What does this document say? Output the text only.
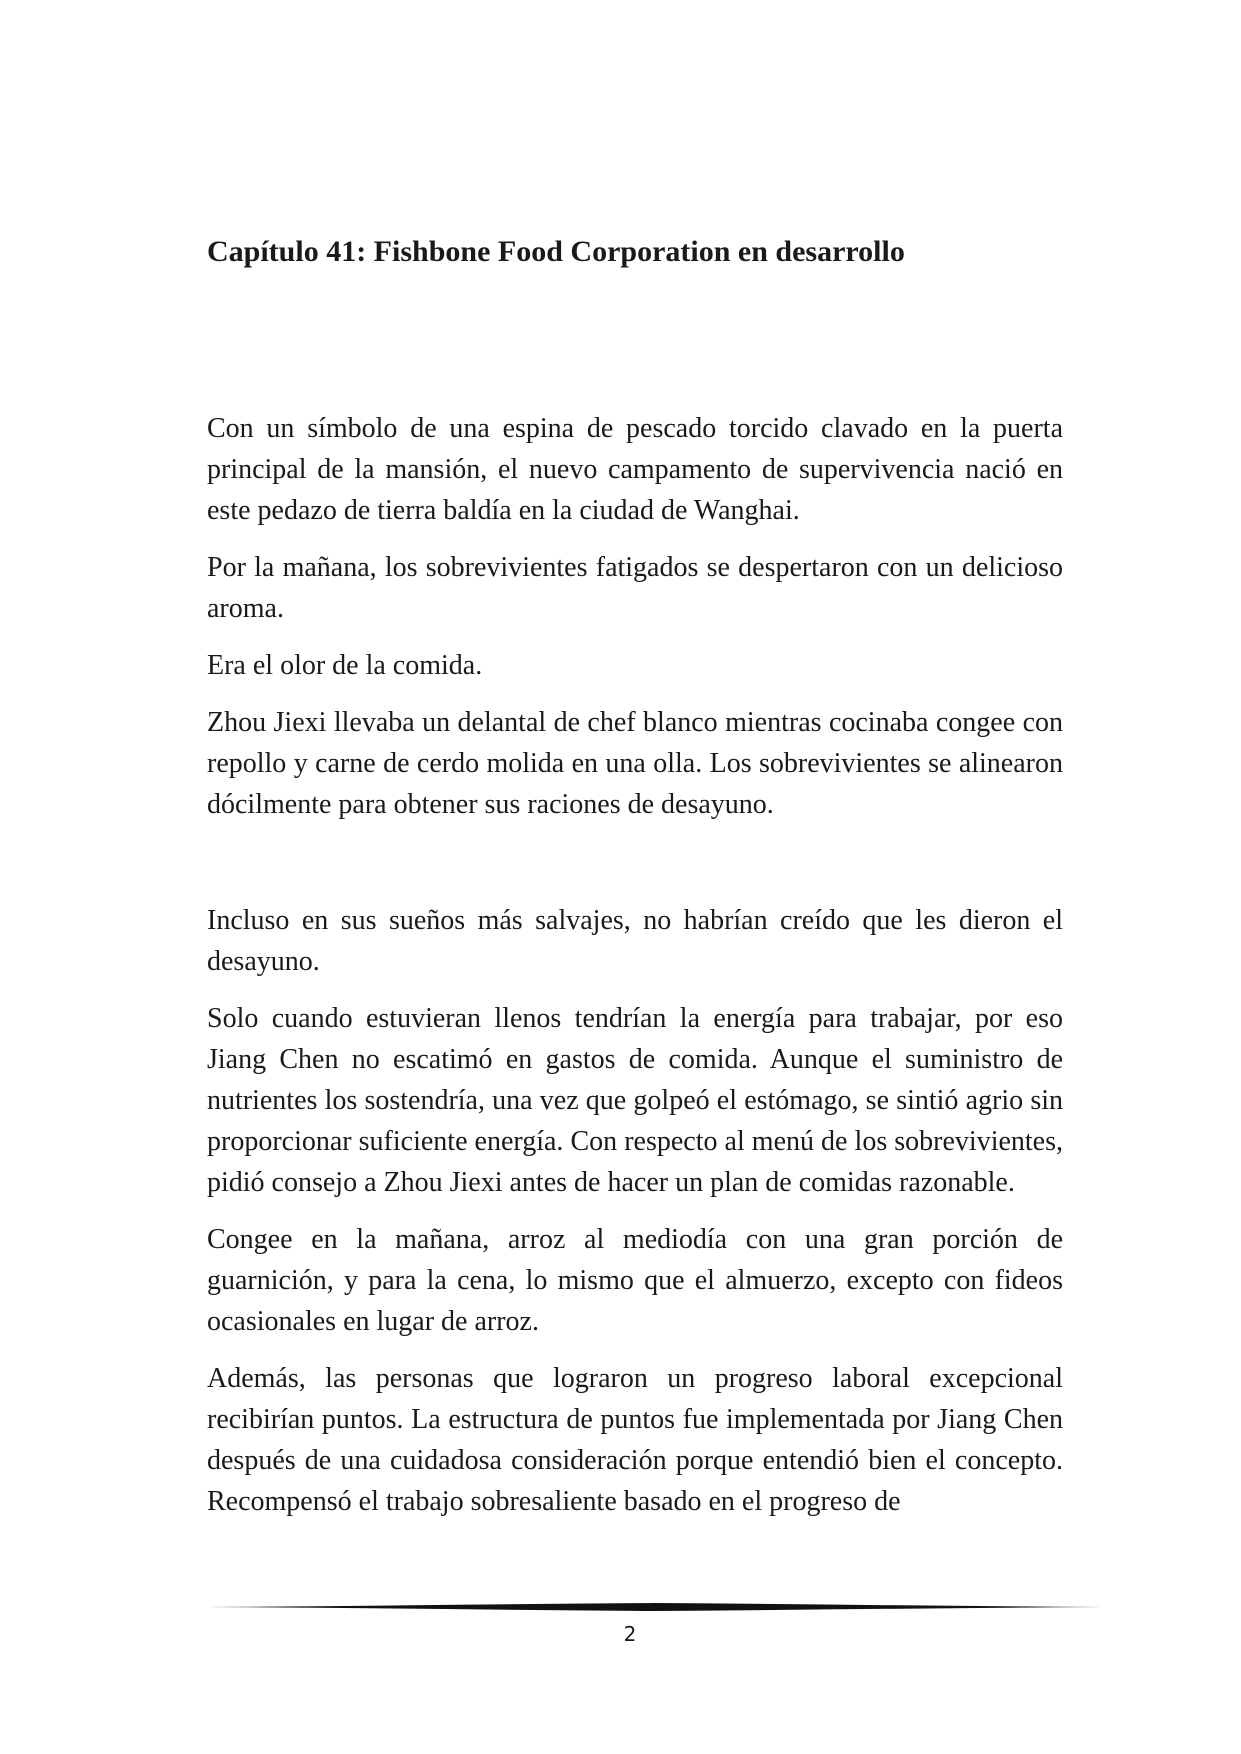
Capítulo 41: Fishbone Food Corporation en desarrollo

Con un símbolo de una espina de pescado torcido clavado en la puerta principal de la mansión, el nuevo campamento de supervivencia nació en este pedazo de tierra baldía en la ciudad de Wanghai.

Por la mañana, los sobrevivientes fatigados se despertaron con un delicioso aroma.

Era el olor de la comida.

Zhou Jiexi llevaba un delantal de chef blanco mientras cocinaba congee con repollo y carne de cerdo molida en una olla. Los sobrevivientes se alinearon dócilmente para obtener sus raciones de desayuno.

Incluso en sus sueños más salvajes, no habrían creído que les dieron el desayuno.

Solo cuando estuvieran llenos tendrían la energía para trabajar, por eso Jiang Chen no escatimó en gastos de comida. Aunque el suministro de nutrientes los sostendría, una vez que golpeó el estómago, se sintió agrio sin proporcionar suficiente energía. Con respecto al menú de los sobrevivientes, pidió consejo a Zhou Jiexi antes de hacer un plan de comidas razonable.

Congee en la mañana, arroz al mediodía con una gran porción de guarnición, y para la cena, lo mismo que el almuerzo, excepto con fideos ocasionales en lugar de arroz.

Además, las personas que lograron un progreso laboral excepcional recibirían puntos. La estructura de puntos fue implementada por Jiang Chen después de una cuidadosa consideración porque entendió bien el concepto. Recompensó el trabajo sobresaliente basado en el progreso de

2
